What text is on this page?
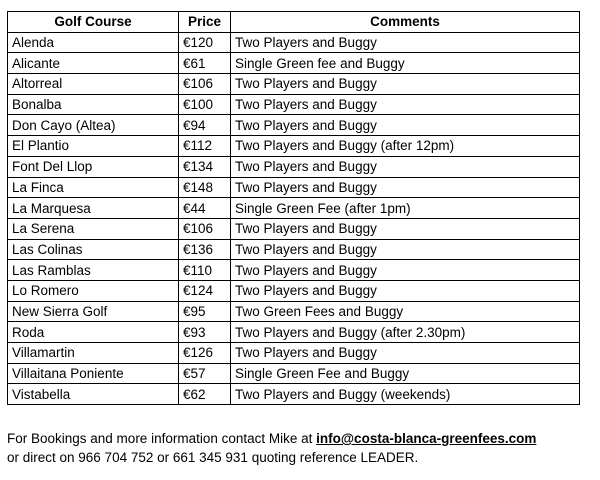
Golf Course	Price	Comments
Alenda	€120	Two Players and Buggy
Alicante	€61	Single Green fee and Buggy
Altorreal	€106	Two Players and Buggy
Bonalba	€100	Two Players and Buggy
Don Cayo (Altea)	€94	Two Players and Buggy
El Plantio	€112	Two Players and Buggy (after 12pm)
Font Del Llop	€134	Two Players and Buggy
La Finca	€148	Two Players and Buggy
La Marquesa	€44	Single Green Fee (after 1pm)
La Serena	€106	Two Players and Buggy
Las Colinas	€136	Two Players and Buggy
Las Ramblas	€110	Two Players and Buggy
Lo Romero	€124	Two Players and Buggy
New Sierra Golf	€95	Two Green Fees and Buggy
Roda	€93	Two Players and Buggy (after 2.30pm)
Villamartin	€126	Two Players and Buggy
Villaitana Poniente	€57	Single Green Fee and Buggy
Vistabella	€62	Two Players and Buggy (weekends)
For Bookings and more information contact Mike at info@costa-blanca-greenfees.com
or direct on 966 704 752 or 661 345 931 quoting reference LEADER.
